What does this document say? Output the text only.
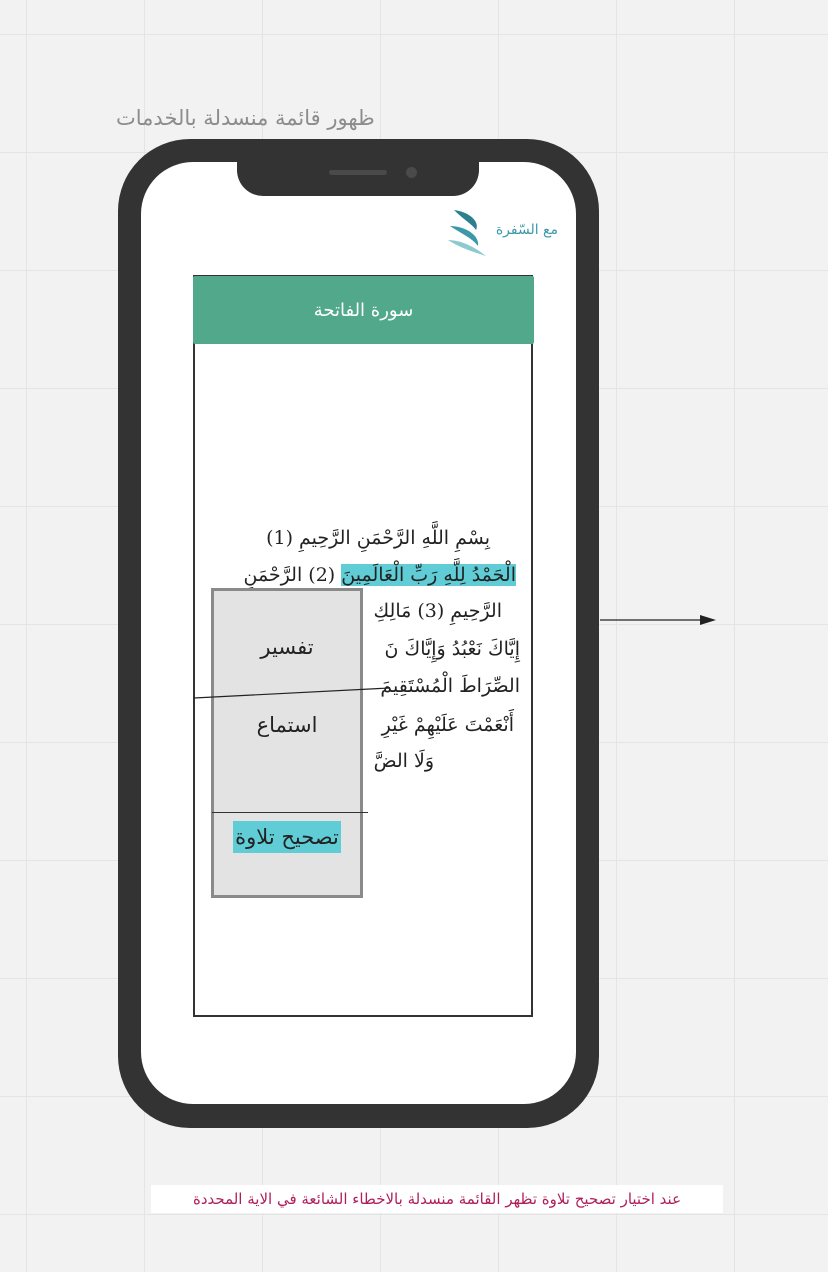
ظهور قائمة منسدلة بالخدمات
مع السّفرة
سورة الفاتحة
بِسْمِ اللَّهِ الرَّحْمَنِ الرَّحِيمِ (1)
الْحَمْدُ لِلَّهِ رَبِّ الْعَالَمِينَ (2) الرَّحْمَنِ
الرَّحِيمِ (3) مَالِكِ
إِيَّاكَ نَعْبُدُ وَإِيَّاكَ نَ
الصِّرَاطَ الْمُسْتَقِيمَ
أَنْعَمْتَ عَلَيْهِمْ غَيْرِ
وَلَا الضَّ
تفسير
استماع
تصحيح تلاوة
عند اختيار تصحيح تلاوة تظهر القائمة منسدلة بالاخطاء الشائعة في الاية المحددة
